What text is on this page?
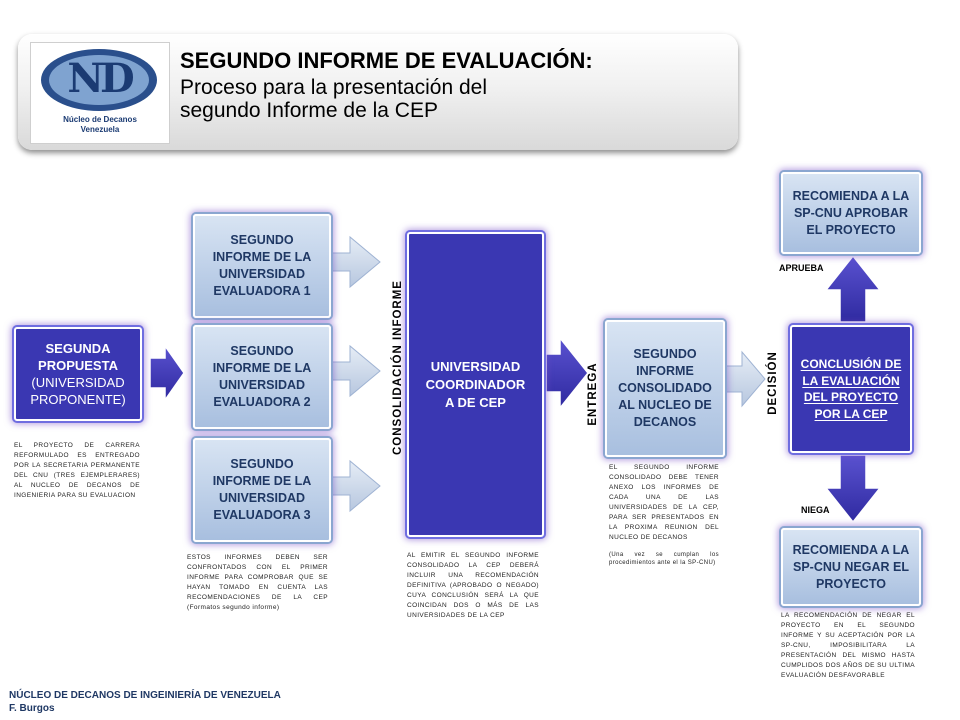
ND
Núcleo de Decanos
Venezuela
SEGUNDO INFORME DE EVALUACIÓN:
Proceso para la presentación del
segundo Informe de la CEP
SEGUNDA
PROPUESTA
(UNIVERSIDAD
PROPONENTE)
EL PROYECTO DE CARRERA REFORMULADO ES ENTREGADO POR LA SECRETARIA PERMANENTE DEL CNU (TRES EJEMPLERARES) AL NUCLEO DE DECANOS DE INGENIERIA PARA SU EVALUACION
SEGUNDO INFORME DE LA UNIVERSIDAD EVALUADORA 1
SEGUNDO INFORME DE LA UNIVERSIDAD EVALUADORA 2
SEGUNDO INFORME DE LA UNIVERSIDAD EVALUADORA 3
ESTOS INFORMES DEBEN SER CONFRONTADOS CON EL PRIMER INFORME PARA COMPROBAR QUE SE HAYAN TOMADO EN CUENTA LAS RECOMENDACIONES DE LA CEP (Formatos segundo informe)
CONSOLIDACIÓN INFORME	UNIVERSIDAD
COORDINADOR
A DE CEP
AL EMITIR EL SEGUNDO INFORME CONSOLIDADO LA CEP DEBERÁ INCLUIR UNA RECOMENDACIÓN DEFINITIVA (APROBADO O NEGADO) CUYA CONCLUSIÓN SERÁ LA QUE COINCIDAN DOS O MÁS DE LAS UNIVERSIDADES DE LA CEP
ENTREGA
SEGUNDO INFORME CONSOLIDADO AL NUCLEO DE DECANOS
EL SEGUNDO INFORME CONSOLIDADO DEBE TENER ANEXO LOS INFORMES DE CADA UNA DE LAS UNIVERSIDADES DE LA CEP, PARA SER PRESENTADOS EN LA PROXIMA REUNION DEL NUCLEO DE DECANOS
(Una vez se cumplan los procedimientos ante el la SP-CNU)
DECISIÓN	CONCLUSIÓN DE LA EVALUACIÓN DEL PROYECTO POR LA CEP
RECOMIENDA A LA SP-CNU APROBAR EL PROYECTO
APRUEBA
NIEGA
RECOMIENDA A LA SP-CNU NEGAR EL PROYECTO
LA RECOMENDACIÓN DE NEGAR EL PROYECTO EN EL SEGUNDO INFORME Y SU ACEPTACIÓN POR LA SP-CNU, IMPOSIBILITARA LA PRESENTACIÓN DEL MISMO HASTA CUMPLIDOS DOS AÑOS DE SU ULTIMA EVALUACIÓN DESFAVORABLE
NÚCLEO DE DECANOS DE INGEINIERÍA DE VENEZUELA
F. Burgos
